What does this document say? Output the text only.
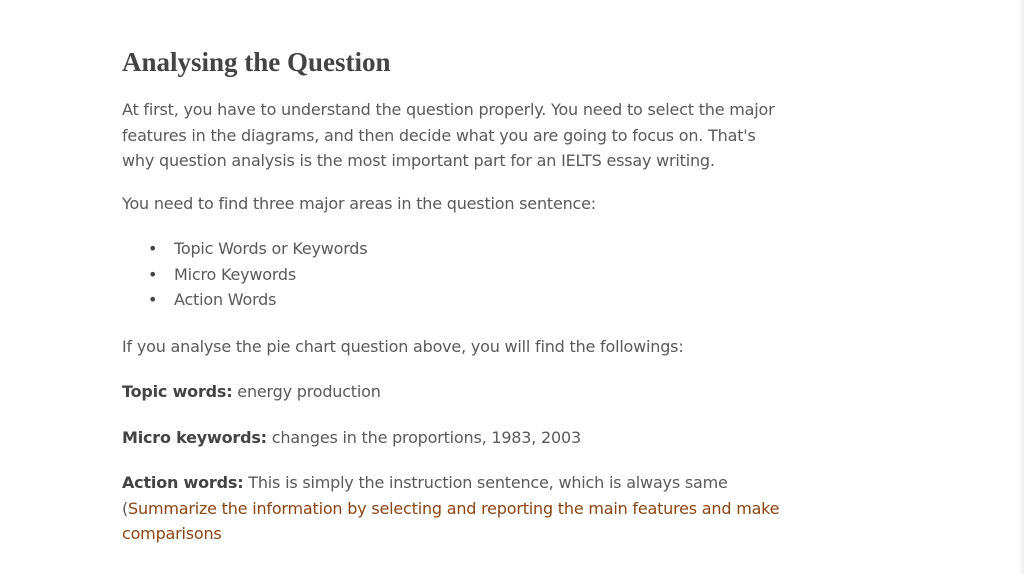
Analysing the Question

At first, you have to understand the question properly. You need to select the major features in the diagrams, and then decide what you are going to focus on. That's why question analysis is the most important part for an IELTS essay writing.

You need to find three major areas in the question sentence:

• Topic Words or Keywords
• Micro Keywords
• Action Words

If you analyse the pie chart question above, you will find the followings:

Topic words: energy production

Micro keywords: changes in the proportions, 1983, 2003

Action words: This is simply the instruction sentence, which is always same (Summarize the information by selecting and reporting the main features and make comparisons
